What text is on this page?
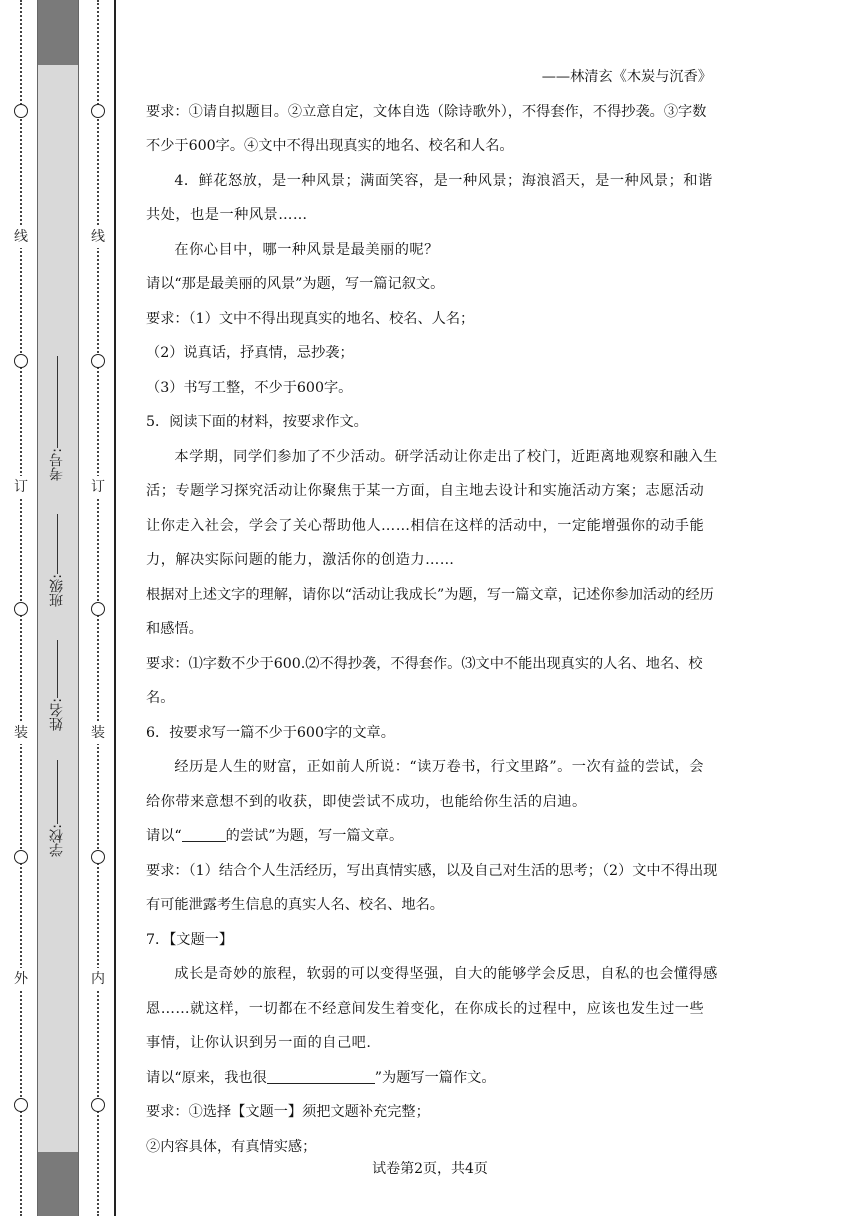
线
订
装
外
线
订
装
内
考号:
班级:
姓名:
学校:

——林清玄《木炭与沉香》

要求：①请自拟题目。②立意自定，文体自选（除诗歌外），不得套作，不得抄袭。③字数不少于600字。④文中不得出现真实的地名、校名和人名。

4．鲜花怒放，是一种风景；满面笑容，是一种风景；海浪滔天，是一种风景；和谐共处，也是一种风景……

在你心目中，哪一种风景是最美丽的呢？

请以“那是最美丽的风景”为题，写一篇记叙文。

要求：（1）文中不得出现真实的地名、校名、人名；

（2）说真话，抒真情，忌抄袭；

（3）书写工整，不少于600字。

5．阅读下面的材料，按要求作文。

本学期，同学们参加了不少活动。研学活动让你走出了校门，近距离地观察和融入生活；专题学习探究活动让你聚焦于某一方面，自主地去设计和实施活动方案；志愿活动让你走入社会，学会了关心帮助他人……相信在这样的活动中，一定能增强你的动手能力，解决实际问题的能力，激活你的创造力……

根据对上述文字的理解，请你以“活动让我成长”为题，写一篇文章，记述你参加活动的经历和感悟。

要求：⑴字数不少于600.⑵不得抄袭，不得套作。⑶文中不能出现真实的人名、地名、校名。

6．按要求写一篇不少于600字的文章。

经历是人生的财富，正如前人所说：“读万卷书，行文里路”。一次有益的尝试，会给你带来意想不到的收获，即使尝试不成功，也能给你生活的启迪。

请以“	的尝试”为题，写一篇文章。

要求：（1）结合个人生活经历，写出真情实感，以及自己对生活的思考；（2）文中不得出现有可能泄露考生信息的真实人名、校名、地名。

7．【文题一】

成长是奇妙的旅程，软弱的可以变得坚强，自大的能够学会反思，自私的也会懂得感恩……就这样，一切都在不经意间发生着变化，在你成长的过程中，应该也发生过一些事情，让你认识到另一面的自己吧.

请以“原来，我也很	”为题写一篇作文。

要求：①选择【文题一】须把文题补充完整；

②内容具体，有真情实感；

试卷第2页，共4页
